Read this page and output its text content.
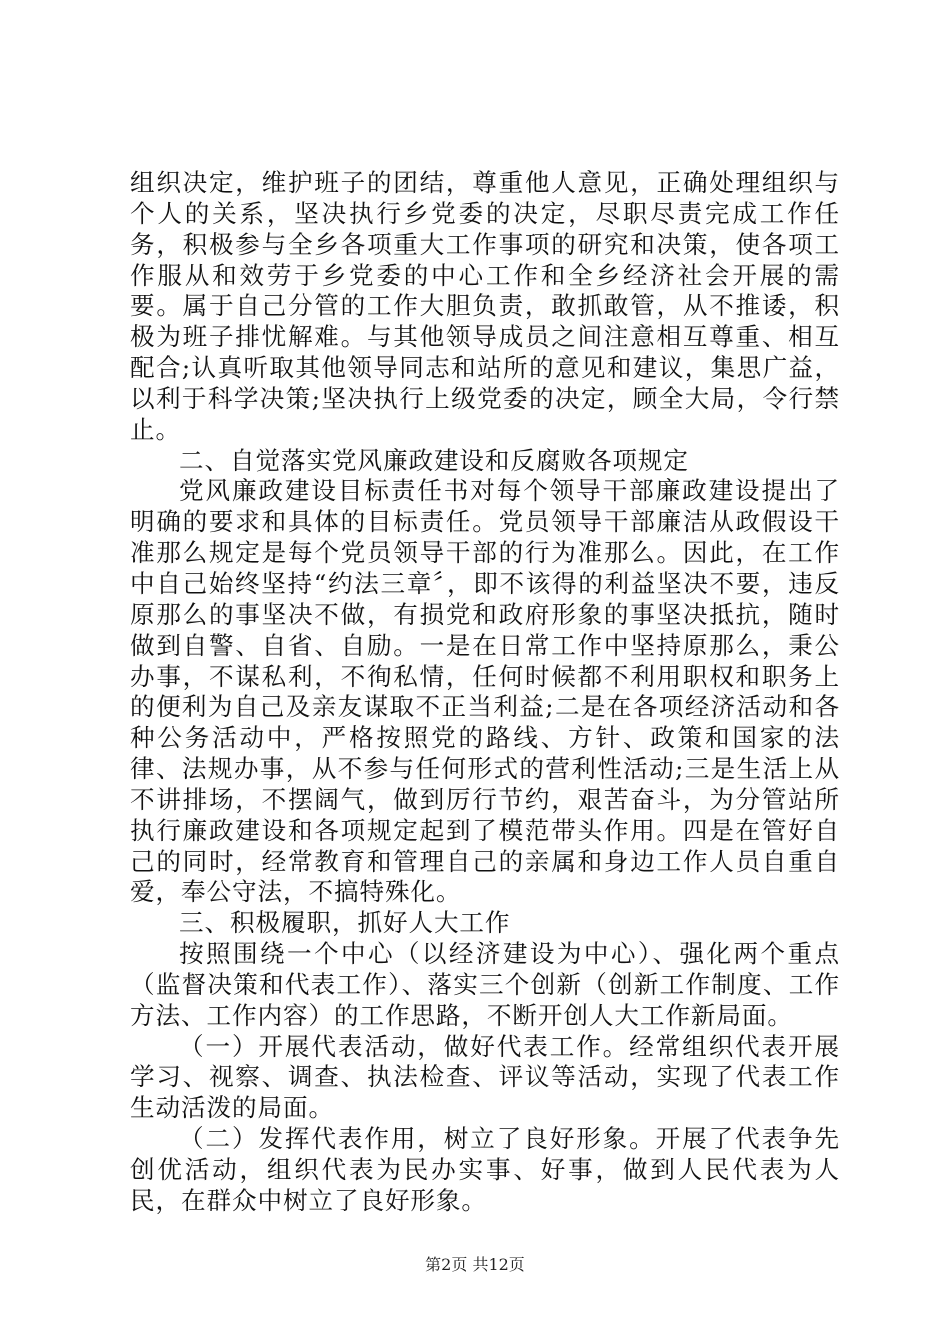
组织决定，维护班子的团结，尊重他人意见，正确处理组织与个人的关系，坚决执行乡党委的决定，尽职尽责完成工作任务，积极参与全乡各项重大工作事项的研究和决策，使各项工作服从和效劳于乡党委的中心工作和全乡经济社会开展的需要。属于自己分管的工作大胆负责，敢抓敢管，从不推诿，积极为班子排忧解难。与其他领导成员之间注意相互尊重、相互配合;认真听取其他领导同志和站所的意见和建议，集思广益，以利于科学决策;坚决执行上级党委的决定，顾全大局，令行禁止。

二、自觉落实党风廉政建设和反腐败各项规定

党风廉政建设目标责任书对每个领导干部廉政建设提出了明确的要求和具体的目标责任。党员领导干部廉洁从政假设干准那么规定是每个党员领导干部的行为准那么。因此，在工作中自己始终坚持“约法三章〞，即不该得的利益坚决不要，违反原那么的事坚决不做，有损党和政府形象的事坚决抵抗，随时做到自警、自省、自励。一是在日常工作中坚持原那么，秉公办事，不谋私利，不徇私情，任何时候都不利用职权和职务上的便利为自己及亲友谋取不正当利益;二是在各项经济活动和各种公务活动中，严格按照党的路线、方针、政策和国家的法律、法规办事，从不参与任何形式的营利性活动;三是生活上从不讲排场，不摆阔气，做到厉行节约，艰苦奋斗，为分管站所执行廉政建设和各项规定起到了模范带头作用。四是在管好自己的同时，经常教育和管理自己的亲属和身边工作人员自重自爱，奉公守法，不搞特殊化。

三、积极履职，抓好人大工作

按照围绕一个中心（以经济建设为中心）、强化两个重点（监督决策和代表工作）、落实三个创新（创新工作制度、工作方法、工作内容）的工作思路，不断开创人大工作新局面。

（一）开展代表活动，做好代表工作。经常组织代表开展学习、视察、调查、执法检查、评议等活动，实现了代表工作生动活泼的局面。

（二）发挥代表作用，树立了良好形象。开展了代表争先创优活动，组织代表为民办实事、好事，做到人民代表为人民，在群众中树立了良好形象。

第2页 共12页
